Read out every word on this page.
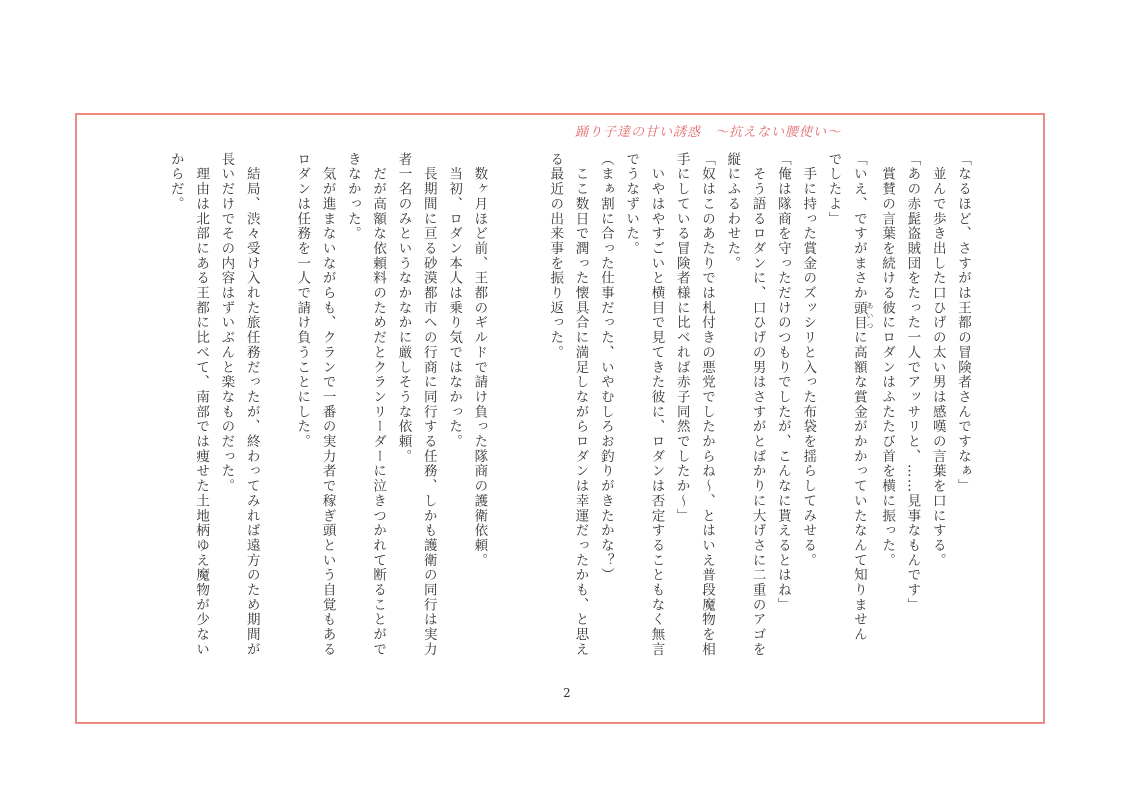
踊り子達の甘い誘惑　～抗えない腰使い～
「なるほど、さすがは王都の冒険者さんですなぁ」
　並んで歩き出した口ひげの太い男は感嘆の言葉を口にする。
「あの赤髭盗賊団をたった一人でアッサリと、……見事なもんです」
　賞賛の言葉を続ける彼にロダンはふたたび首を横に振った。
「いえ、ですがまさか頭目 あいつに高額な賞金がかかっていたなんて知りません
でしたよ」
　手に持った賞金のズッシリと入った布袋を揺らしてみせる。
「俺は隊商を守っただけのつもりでしたが、こんなに貰えるとはね」
　そう語るロダンに、口ひげの男はさすがとばかりに大げさに二重のアゴを
縦にふるわせた。
「奴はこのあたりでは札付きの悪党でしたからね～、とはいえ普段魔物を相
手にしている冒険者様に比べれば赤子同然でしたか～」
　いやはやすごいと横目で見てきた彼に、ロダンは否定することもなく無言
でうなずいた。
（まぁ割に合った仕事だった、いやむしろお釣りがきたかな？）
　ここ数日で潤った懐具合に満足しながらロダンは幸運だったかも、と思え
る最近の出来事を振り返った。
　数ヶ月ほど前、王都のギルドで請け負った隊商の護衛依頼。
　当初、ロダン本人は乗り気ではなかった。
　長期間に亘る砂漠都市への行商に同行する任務、しかも護衛の同行は実力
者一名のみというなかなかに厳しそうな依頼。
　だが高額な依頼料のためだとクランリーダーに泣きつかれて断ることがで
きなかった。
　気が進まないながらも、クランで一番の実力者で稼ぎ頭という自覚もある
ロダンは任務を一人で請け負うことにした。
　結局、渋々受け入れた旅任務だったが、終わってみれば遠方のため期間が
長いだけでその内容はずいぶんと楽なものだった。
　理由は北部にある王都に比べて、南部では痩せた土地柄ゆえ魔物が少ない
からだ。
2
